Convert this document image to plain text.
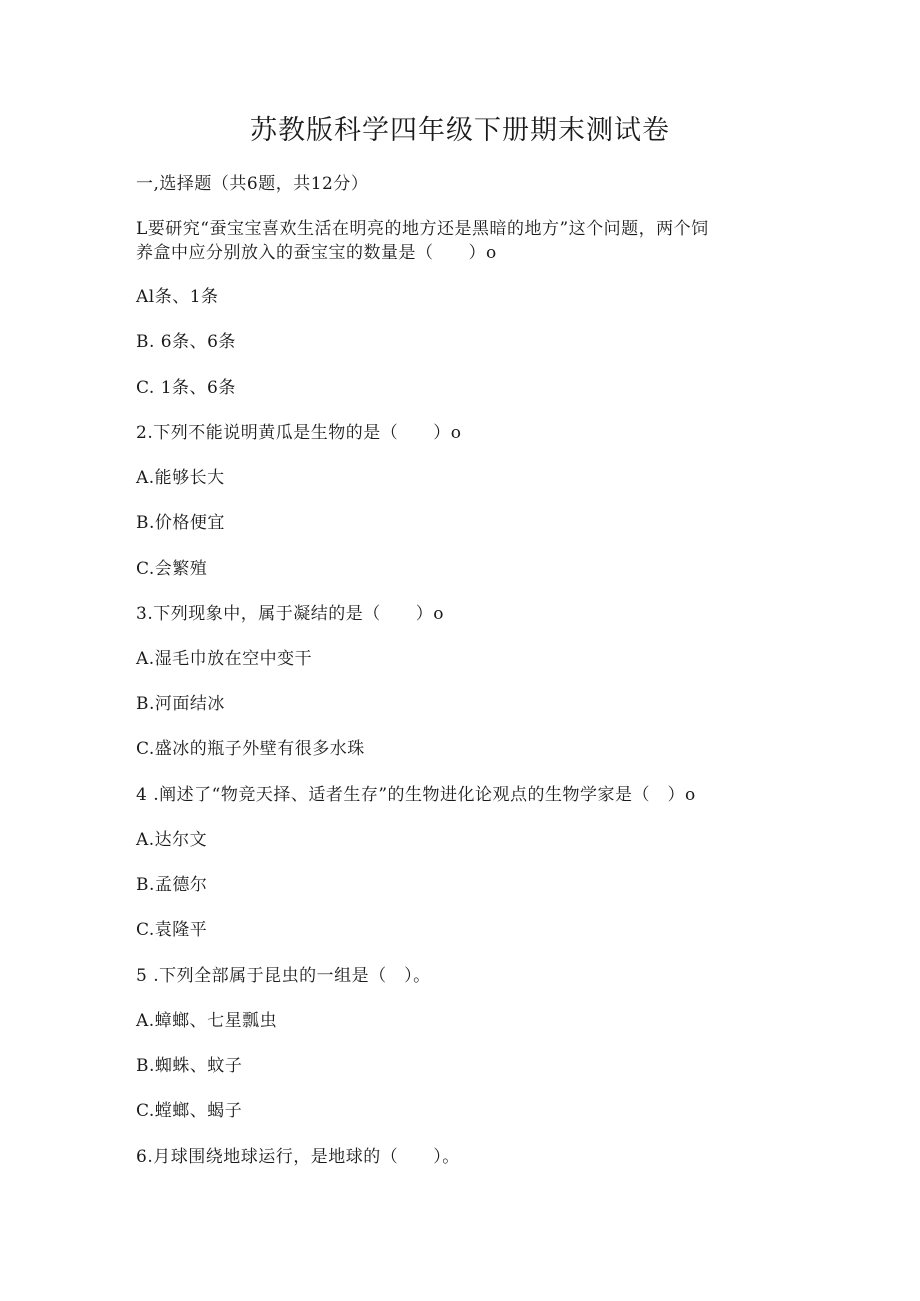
苏教版科学四年级下册期末测试卷
一,选择题（共6题，共12分）
L要研究“蚕宝宝喜欢生活在明亮的地方还是黑暗的地方”这个问题，两个饲
养盒中应分别放入的蚕宝宝的数量是（　　）o
Al条、1条
B. 6条、6条
C. 1条、6条
2.下列不能说明黄瓜是生物的是（　　）o
A.能够长大
B.价格便宜
C.会繁殖
3.下列现象中，属于凝结的是（　　）o
A.湿毛巾放在空中变干
B.河面结冰
C.盛冰的瓶子外壁有很多水珠
4 .阐述了“物竞天择、适者生存”的生物进化论观点的生物学家是（　）o
A.达尔文
B.孟德尔
C.袁隆平
5 .下列全部属于昆虫的一组是（　）。
A.蟑螂、七星瓢虫
B.蜘蛛、蚊子
C.螳螂、蝎子
6.月球围绕地球运行，是地球的（　　）。
